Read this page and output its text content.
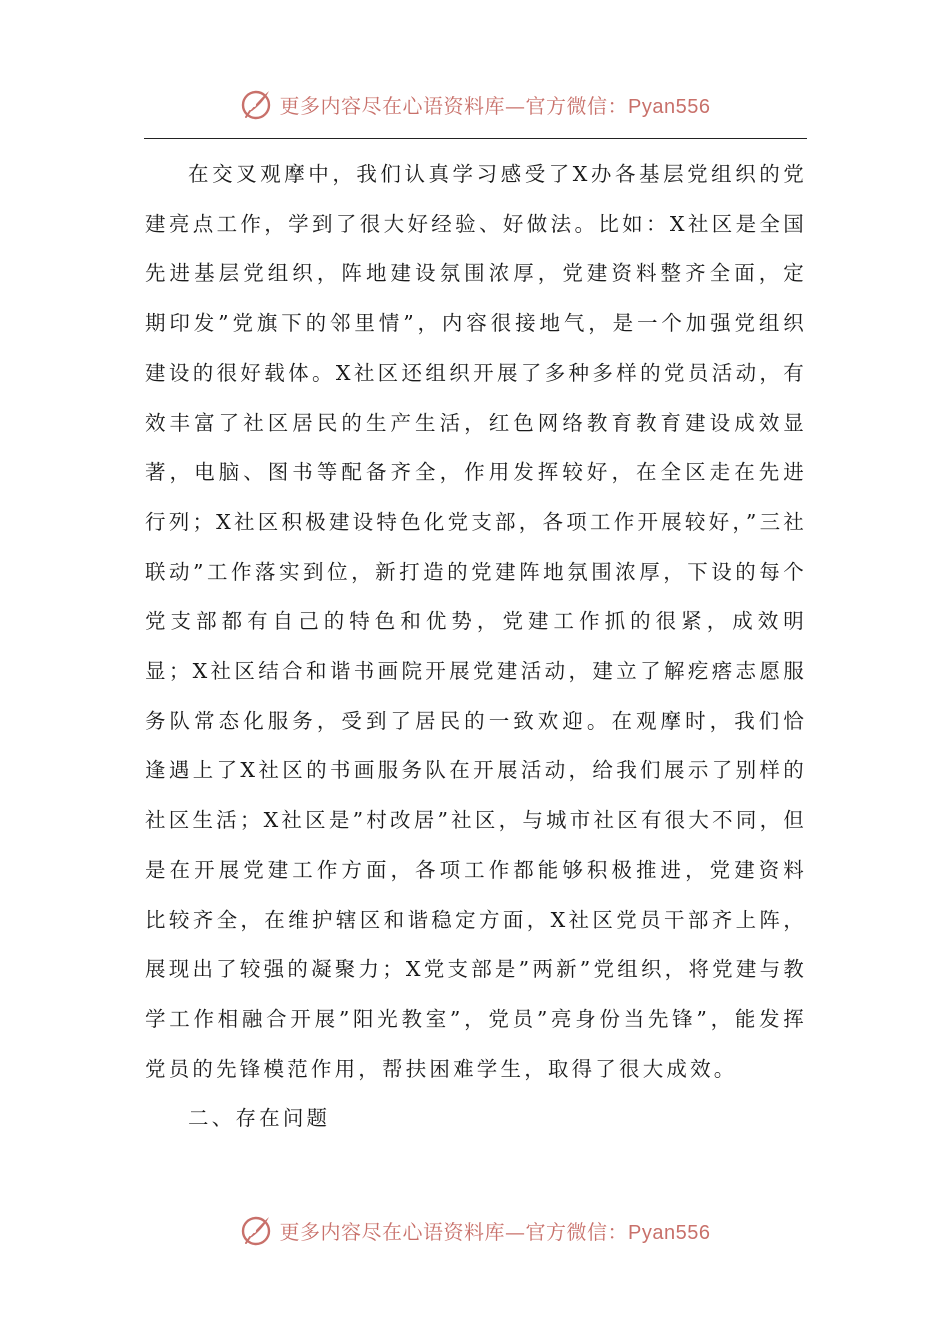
更多内容尽在心语资料库—官方微信：Pyan556

在交叉观摩中，我们认真学习感受了X办各基层党组织的党建亮点工作，学到了很大好经验、好做法。比如：X社区是全国先进基层党组织，阵地建设氛围浓厚，党建资料整齐全面，定期印发”党旗下的邻里情”，内容很接地气，是一个加强党组织建设的很好载体。X社区还组织开展了多种多样的党员活动，有效丰富了社区居民的生产生活，红色网络教育教育建设成效显著，电脑、图书等配备齐全，作用发挥较好，在全区走在先进行列；X社区积极建设特色化党支部，各项工作开展较好，”三社联动”工作落实到位，新打造的党建阵地氛围浓厚，下设的每个党支部都有自己的特色和优势，党建工作抓的很紧，成效明显；X社区结合和谐书画院开展党建活动，建立了解疙瘩志愿服务队常态化服务，受到了居民的一致欢迎。在观摩时，我们恰逢遇上了X社区的书画服务队在开展活动，给我们展示了别样的社区生活；X社区是”村改居”社区，与城市社区有很大不同，但是在开展党建工作方面，各项工作都能够积极推进，党建资料比较齐全，在维护辖区和谐稳定方面，X社区党员干部齐上阵，展现出了较强的凝聚力；X党支部是”两新”党组织，将党建与教学工作相融合开展”阳光教室”，党员”亮身份当先锋”，能发挥党员的先锋模范作用，帮扶困难学生，取得了很大成效。

二、存在问题

更多内容尽在心语资料库—官方微信：Pyan556
